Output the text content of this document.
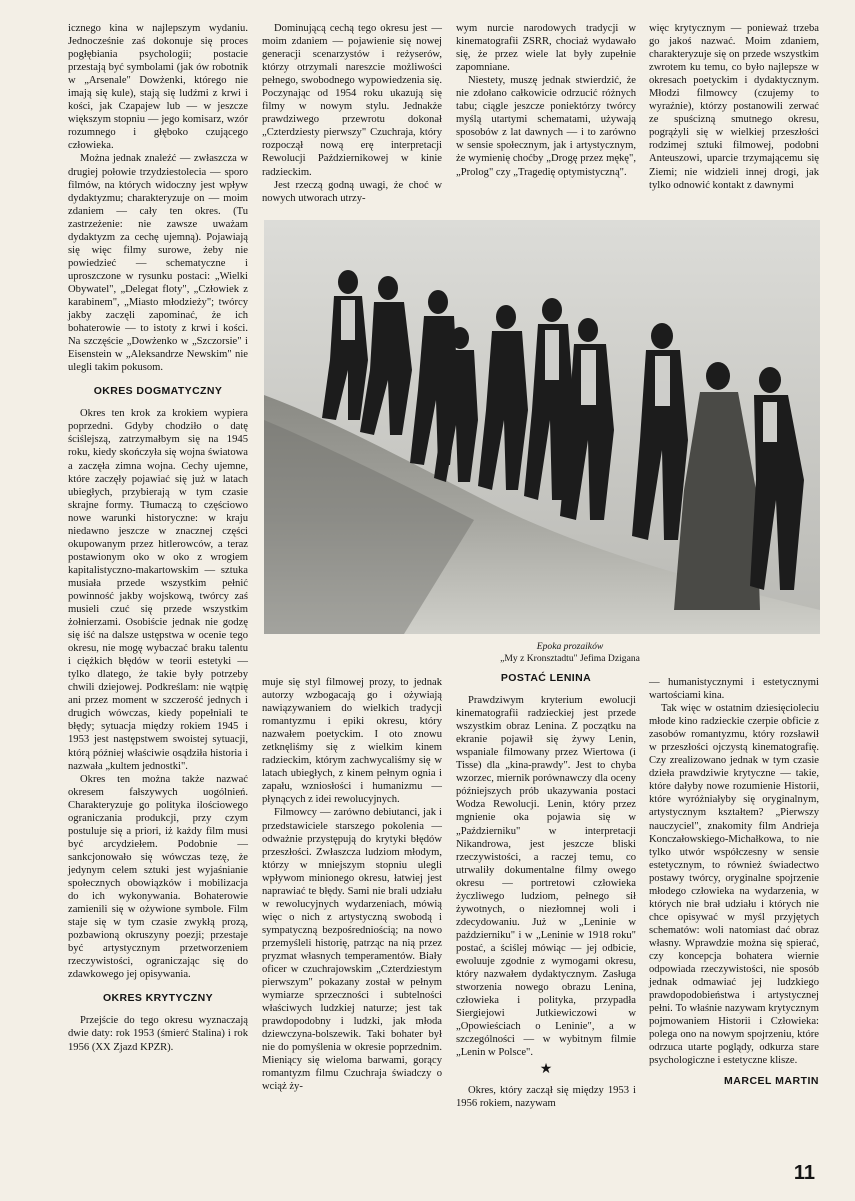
icznego kina w najlepszym wydaniu. Jednocześnie zaś dokonuje się proces pogłębiania psychologii; postacie przestają być symbolami (jak ów robotnik w „Arsenale" Dowżenki, którego nie imają się kule), stają się ludźmi z krwi i kości, jak Czapajew lub — w jeszcze większym stopniu — jego komisarz, wzór rozumnego i głęboko czującego człowieka.

Można jednak znaleźć — zwłaszcza w drugiej połowie trzydziestolecia — sporo filmów, na których widoczny jest wpływ dydaktyzmu; charakteryzuje on — moim zdaniem — cały ten okres. (Tu zastrzeżenie: nie zawsze uważam dydaktyzm za cechę ujemną). Pojawiają się więc filmy surowe, żeby nie powiedzieć — schematyczne i uproszczone w rysunku postaci: „Wielki Obywatel", „Delegat floty", „Człowiek z karabinem", „Miasto młodzieży"; twórcy jakby zaczęli zapominać, że ich bohaterowie — to istoty z krwi i kości. Na szczęście „Dowżenko w „Szczorsie" i Eisenstein w „Aleksandrze Newskim" nie ulegli takim pokusom.

OKRES DOGMATYCZNY

Okres ten krok za krokiem wypiera poprzedni. Gdyby chodziło o datę ściślejszą, zatrzymałbym się na 1945 roku, kiedy skończyła się wojna światowa a zaczęła zimna wojna. Cechy ujemne, które zaczęły pojawiać się już w latach ubiegłych, przybierają w tym czasie skrajne formy. Tłumaczą to częściowo nowe warunki historyczne: w kraju niedawno jeszcze w znacznej części okupowanym przez hitlerowców, a teraz postawionym oko w oko z wrogiem kapitalistyczno-makartowskim — sztuka musiała przede wszystkim pełnić powinność jakby wojskową, twórcy zaś musieli czuć się przede wszystkim żołnierzami. Osobiście jednak nie godzę się iść na dalsze ustępstwa w ocenie tego okresu, nie mogę wybaczać braku talentu i ciężkich błędów w teorii estetyki — tylko dlatego, że takie były potrzeby chwili dziejowej. Podkreślam: nie wątpię ani przez moment w szczerość jednych i drugich wówczas, kiedy popełniali te błędy; sytuacja między rokiem 1945 i 1953 jest następstwem swoistej sytuacji, którą później właściwie osądziła historia i nazwała „kultem jednostki".

Okres ten można także nazwać okresem fałszywych uogólnień. Charakteryzuje go polityka ilościowego ograniczania produkcji, przy czym postuluje się a priori, iż każdy film musi być arcydziełem. Podobnie — sankcjonowało się wówczas tezę, że jedynym celem sztuki jest wyjaśnianie społecznych obowiązków i mobilizacja do ich wykonywania. Bohaterowie zamienili się w ożywione symbole. Film staje się w tym czasie zwykłą prozą, pozbawioną okruszyny poezji; przestaje być artystycznym przetworzeniem rzeczywistości, ograniczając się do zdawkowego jej opisywania.

OKRES KRYTYCZNY

Przejście do tego okresu wyznaczają dwie daty: rok 1953 (śmierć Stalina) i rok 1956 (XX Zjazd KPZR).

Dominującą cechą tego okresu jest — moim zdaniem — pojawienie się nowej generacji scenarzystów i reżyserów, którzy otrzymali nareszcie możliwości pełnego, swobodnego wypowiedzenia się. Poczynając od 1954 roku ukazują się filmy w nowym stylu. Jednakże prawdziwego przewrotu dokonał „Czterdziesty pierwszy" Czuchraja, który rozpoczął nową erę interpretacji Rewolucji Październikowej w kinie radzieckim.

Jest rzeczą godną uwagi, że choć w nowych utworach utrzy-

wym nurcie narodowych tradycji w kinematografii ZSRR, chociaż wydawało się, że przez wiele lat były zupełnie zapomniane.

Niestety, muszę jednak stwierdzić, że nie zdołano całkowicie odrzucić różnych tabu; ciągle jeszcze poniektórzy twórcy myślą utartymi schematami, używają sposobów z lat dawnych — i to zarówno w sensie społecznym, jak i artystycznym, że wymienię choćby „Drogę przez mękę", „Prolog" czy „Tragedię optymistyczną".

więc krytycznym — ponieważ trzeba go jakoś nazwać. Moim zdaniem, charakteryzuje się on przede wszystkim zwrotem ku temu, co było najlepsze w okresach poetyckim i dydaktycznym. Młodzi filmowcy (czujemy to wyraźnie), którzy postanowili zerwać ze spuścizną smutnego okresu, pogrążyli się w wielkiej przeszłości rodzimej sztuki filmowej, podobni Anteuszowi, uparcie trzymającemu się Ziemi; nie widzieli innej drogi, jak tylko odnowić kontakt z dawnymi

Epoka prozaików
„My z Kronsztadtu" Jefima Dzigana

muje się styl filmowej prozy, to jednak autorzy wzbogacają go i ożywiają nawiązywaniem do wielkich tradycji romantyzmu i epiki okresu, który nazwałem poetyckim. I oto znowu zetknęliśmy się z wielkim kinem radzieckim, którym zachwycaliśmy się w latach ubiegłych, z kinem pełnym ognia i zapału, wzniosłości i humanizmu — płynących z idei rewolucyjnych.

Filmowcy — zarówno debiutanci, jak i przedstawiciele starszego pokolenia — odważnie przystępują do krytyki błędów przeszłości. Zwłaszcza ludziom młodym, którzy w mniejszym stopniu ulegli wpływom minionego okresu, łatwiej jest naprawiać te błędy. Sami nie brali udziału w rewolucyjnych wydarzeniach, mówią więc o nich z artystyczną swobodą i sympatyczną bezpośredniością; na nowo przemyśleli historię, patrząc na nią przez pryzmat własnych temperamentów. Biały oficer w czuchrajowskim „Czterdziestym pierwszym" pokazany został w pełnym wymiarze sprzeczności i subtelności właściwych ludzkiej naturze; jest tak prawdopodobny i ludzki, jak młoda dziewczyna-bolszewik. Taki bohater był nie do pomyślenia w okresie poprzednim. Mieniący się wieloma barwami, gorący romantyzm filmu Czuchraja świadczy o wciąż ży-

POSTAĆ LENINA

Prawdziwym kryterium ewolucji kinematografii radzieckiej jest przede wszystkim obraz Lenina. Z początku na ekranie pojawił się żywy Lenin, wspaniale filmowany przez Wiertowa (i Tisse) dla „kina-prawdy". Jest to chyba wzorzec, miernik porównawczy dla oceny późniejszych prób ukazywania postaci Wodza Rewolucji. Lenin, który przez mgnienie oka pojawia się w „Październiku" w interpretacji Nikandrowa, jest jeszcze bliski rzeczywistości, a raczej temu, co utrwaliły dokumentalne filmy owego okresu — portretowi człowieka życzliwego ludziom, pełnego sił żywotnych, o niezłomnej woli i zdecydowaniu. Już w „Leninie w październiku" i w „Leninie w 1918 roku" postać, a ściślej mówiąc — jej odbicie, ewoluuje zgodnie z wymogami okresu, który nazwałem dydaktycznym. Zasługa stworzenia nowego obrazu Lenina, człowieka i polityka, przypadła Siergiejowi Jutkiewiczowi w „Opowieściach o Leninie", a w szczególności — w wybitnym filmie „Lenin w Polsce".

★

Okres, który zaczął się między 1953 i 1956 rokiem, nazywam

— humanistycznymi i estetycznymi wartościami kina.

Tak więc w ostatnim dziesięcioleciu młode kino radzieckie czerpie obficie z zasobów romantyzmu, który rozsławił w przeszłości ojczystą kinematografię. Czy zrealizowano jednak w tym czasie dzieła prawdziwie krytyczne — takie, które dałyby nowe rozumienie Historii, które wyróżniałyby się oryginalnym, artystycznym kształtem? „Pierwszy nauczyciel", znakomity film Andrieja Konczałowskiego-Michałkowa, to nie tylko utwór współczesny w sensie estetycznym, to również świadectwo postawy twórcy, oryginalne spojrzenie młodego człowieka na wydarzenia, w których nie brał udziału i których nie chce opisywać w myśl przyjętych schematów: woli natomiast dać obraz własny. Wprawdzie można się spierać, czy koncepcja bohatera wiernie odpowiada rzeczywistości, nie sposób jednak odmawiać jej ludzkiego prawdopodobieństwa i artystycznej pełni. To właśnie nazywam krytycznym pojmowaniem Historii i Człowieka: polega ono na nowym spojrzeniu, które odrzuca utarte poglądy, odkurza stare psychologiczne i estetyczne klisze.

MARCEL MARTIN
11
